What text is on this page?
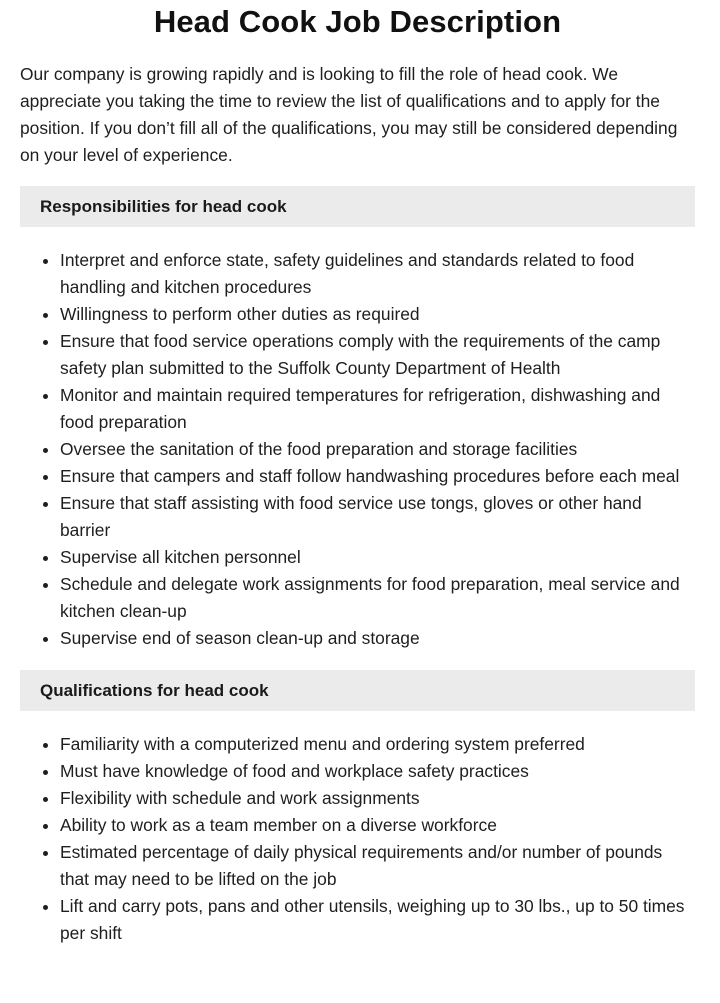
Head Cook Job Description

Our company is growing rapidly and is looking to fill the role of head cook. We appreciate you taking the time to review the list of qualifications and to apply for the position. If you don’t fill all of the qualifications, you may still be considered depending on your level of experience.

Responsibilities for head cook
Interpret and enforce state, safety guidelines and standards related to food handling and kitchen procedures
Willingness to perform other duties as required
Ensure that food service operations comply with the requirements of the camp safety plan submitted to the Suffolk County Department of Health
Monitor and maintain required temperatures for refrigeration, dishwashing and food preparation
Oversee the sanitation of the food preparation and storage facilities
Ensure that campers and staff follow handwashing procedures before each meal
Ensure that staff assisting with food service use tongs, gloves or other hand barrier
Supervise all kitchen personnel
Schedule and delegate work assignments for food preparation, meal service and kitchen clean-up
Supervise end of season clean-up and storage
Qualifications for head cook
Familiarity with a computerized menu and ordering system preferred
Must have knowledge of food and workplace safety practices
Flexibility with schedule and work assignments
Ability to work as a team member on a diverse workforce
Estimated percentage of daily physical requirements and/or number of pounds that may need to be lifted on the job
Lift and carry pots, pans and other utensils, weighing up to 30 lbs., up to 50 times per shift
